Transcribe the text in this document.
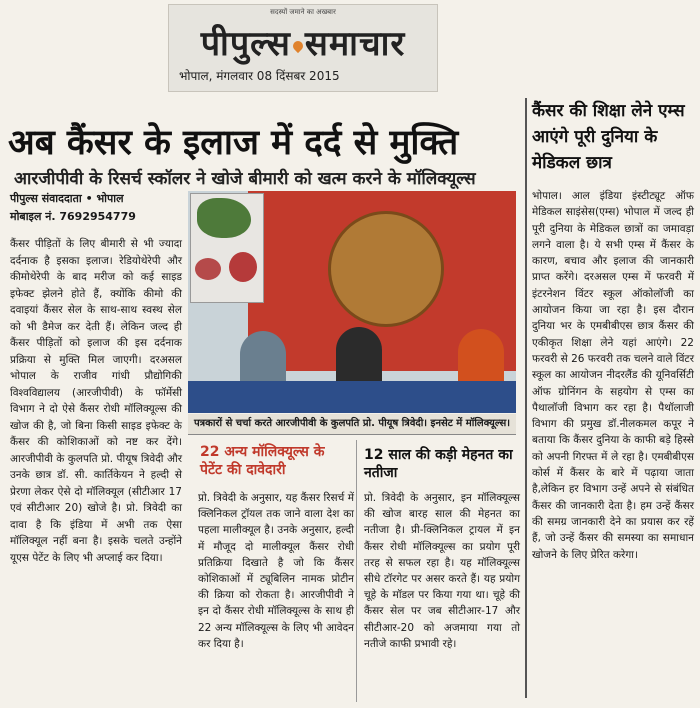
सदस्यों जमाने का अखबार
पीपुल्स समाचार
भोपाल, मंगलवार 08 दिंसबर 2015
अब कैंसर के इलाज में दर्द से मुक्ति
आरजीपीवी के रिसर्च स्कॉलर ने खोजे बीमारी को खत्म करने के मॉलिक्यूल्स
पीपुल्स संवाददाता • भोपाल
मोबाइल नं. 7692954779
कैंसर पीड़ितों के लिए बीमारी से भी ज्यादा दर्दनाक है इसका इलाज। रेडियोथेरेपी और कीमोथेरेपी के बाद मरीज को कई साइड इफेक्ट झेलने होते हैं, क्योंकि कीमो की दवाइयां कैंसर सेल के साथ-साथ स्वस्थ सेल को भी डैमेज कर देती हैं। लेकिन जल्द ही कैंसर पीड़ितों को इलाज की इस दर्दनाक प्रक्रिया से मुक्ति मिल जाएगी। दरअसल भोपाल के राजीव गांधी प्रौद्योगिकी विश्वविद्यालय (आरजीपीवी) के फॉर्मेसी विभाग ने दो ऐसे कैंसर रोधी मॉलिक्यूल्स की खोज की है, जो बिना किसी साइड इफेक्ट के कैंसर की कोशिकाओं को नष्ट कर देंगे। आरजीपीवी के कुलपति प्रो. पीयूष त्रिवेदी और उनके छात्र डॉ. सी. कार्तिकेयन ने हल्दी से प्रेरणा लेकर ऐसे दो मॉलिक्यूल (सीटीआर 17 एवं सीटीआर 20) खोजे है। प्रो. त्रिवेदी का दावा है कि इंडिया में अभी तक ऐसा मॉलिक्यूल नहीं बना है। इसके चलते उन्होंने यूएस पेटेंट के लिए भी अप्लाई कर दिया।
पत्रकारों से चर्चा करते आरजीपीवी के कुलपति प्रो. पीयूष त्रिवेदी। इनसेट में मॉलिक्यूल्स।
22 अन्य मॉलिक्यूल्स के पेटेंट की दावेदारी
प्रो. त्रिवेदी के अनुसार, यह कैंसर रिसर्च में क्लिनिकल ट्रॉयल तक जाने वाला देश का पहला मालीक्यूल है। उनके अनुसार, हल्दी में मौजूद दो मालीक्यूल कैंसर रोधी प्रतिक्रिया दिखाते है जो कि कैंसर कोशिकाओं में ट्यूबिलिन नामक प्रोटीन की क्रिया को रोकता है। आरजीपीवी ने इन दो कैंसर रोधी मॉलिक्यूल्स के साथ ही 22 अन्य मॉलिक्यूल्स के लिए भी आवेदन कर दिया है।
12 साल की कड़ी मेहनत का नतीजा
प्रो. त्रिवेदी के अनुसार, इन मॉलिक्यूल्स की खोज बारह साल की मेहनत का नतीजा है। प्री-क्लिनिकल ट्रायल में इन कैंसर रोधी मॉलिक्यूल्स का प्रयोग पूरी तरह से सफल रहा है। यह मॉलिक्यूल्स सीधे टॉरगेट पर असर करते हैं। यह प्रयोग चूहे के मॉडल पर किया गया था। चूहे की कैंसर सेल पर जब सीटीआर-17 और सीटीआर-20 को अजमाया गया तो नतीजे काफी प्रभावी रहे।
कैंसर की शिक्षा लेने एम्स आएंगे पूरी दुनिया के मेडिकल छात्र
भोपाल। आल इंडिया इंस्टीट्यूट ऑफ मेडिकल साइंसेस(एम्स) भोपाल में जल्द ही पूरी दुनिया के मेडिकल छात्रों का जमावड़ा लगने वाला है। ये सभी एम्स में कैंसर के कारण, बचाव और इलाज की जानकारी प्राप्त करेंगे। दरअसल एम्स में फरवरी में इंटरनेशन विंटर स्कूल ऑकोलॉजी का आयोजन किया जा रहा है। इस दौरान दुनिया भर के एमबीबीएस छात्र कैंसर की एकीकृत शिक्षा लेने यहां आएंगे। 22 फरवरी से 26 फरवरी तक चलने वाले विंटर स्कूल का आयोजन नीदरलैंड की यूनिवर्सिटी ऑफ ग्रोनिंगन के सहयोग से एम्स का पैथालॉजी विभाग कर रहा है। पैथॉलाजी विभाग की प्रमुख डॉ.नीलकमल कपूर ने बताया कि कैंसर दुनिया के काफी बड़े हिस्से को अपनी गिरफ्त में ले रहा है। एमबीबीएस कोर्स में कैंसर के बारे में पढ़ाया जाता है,लेकिन हर विभाग उन्हें अपने से संबंधित कैंसर की जानकारी देता है। हम उन्हें कैंसर की समग्र जानकारी देने का प्रयास कर रहें हैं, जो उन्हें कैंसर की समस्या का समाधान खोजने के लिए प्रेरित करेगा।
